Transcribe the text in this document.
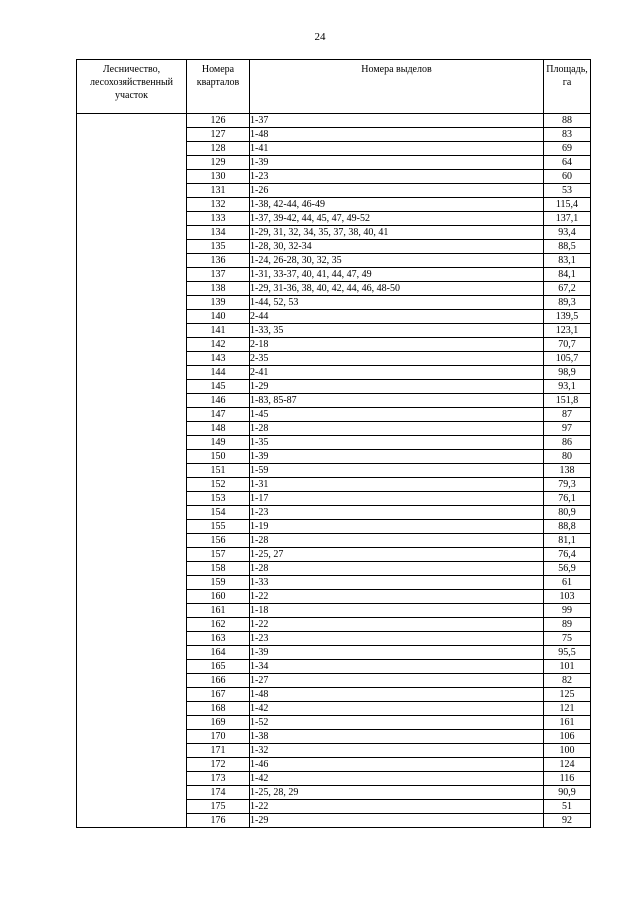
24
Лесничество, лесохозяйственный участок	Номера кварталов	Номера выделов	Площадь, га
	126	1-37	88
	127	1-48	83
	128	1-41	69
	129	1-39	64
	130	1-23	60
	131	1-26	53
	132	1-38, 42-44, 46-49	115,4
	133	1-37, 39-42, 44, 45, 47, 49-52	137,1
	134	1-29, 31, 32, 34, 35, 37, 38, 40, 41	93,4
	135	1-28, 30, 32-34	88,5
	136	1-24, 26-28, 30, 32, 35	83,1
	137	1-31, 33-37, 40, 41, 44, 47, 49	84,1
	138	1-29, 31-36, 38, 40, 42, 44, 46, 48-50	67,2
	139	1-44, 52, 53	89,3
	140	2-44	139,5
	141	1-33, 35	123,1
	142	2-18	70,7
	143	2-35	105,7
	144	2-41	98,9
	145	1-29	93,1
	146	1-83, 85-87	151,8
	147	1-45	87
	148	1-28	97
	149	1-35	86
	150	1-39	80
	151	1-59	138
	152	1-31	79,3
	153	1-17	76,1
	154	1-23	80,9
	155	1-19	88,8
	156	1-28	81,1
	157	1-25, 27	76,4
	158	1-28	56,9
	159	1-33	61
	160	1-22	103
	161	1-18	99
	162	1-22	89
	163	1-23	75
	164	1-39	95,5
	165	1-34	101
	166	1-27	82
	167	1-48	125
	168	1-42	121
	169	1-52	161
	170	1-38	106
	171	1-32	100
	172	1-46	124
	173	1-42	116
	174	1-25, 28, 29	90,9
	175	1-22	51
	176	1-29	92
